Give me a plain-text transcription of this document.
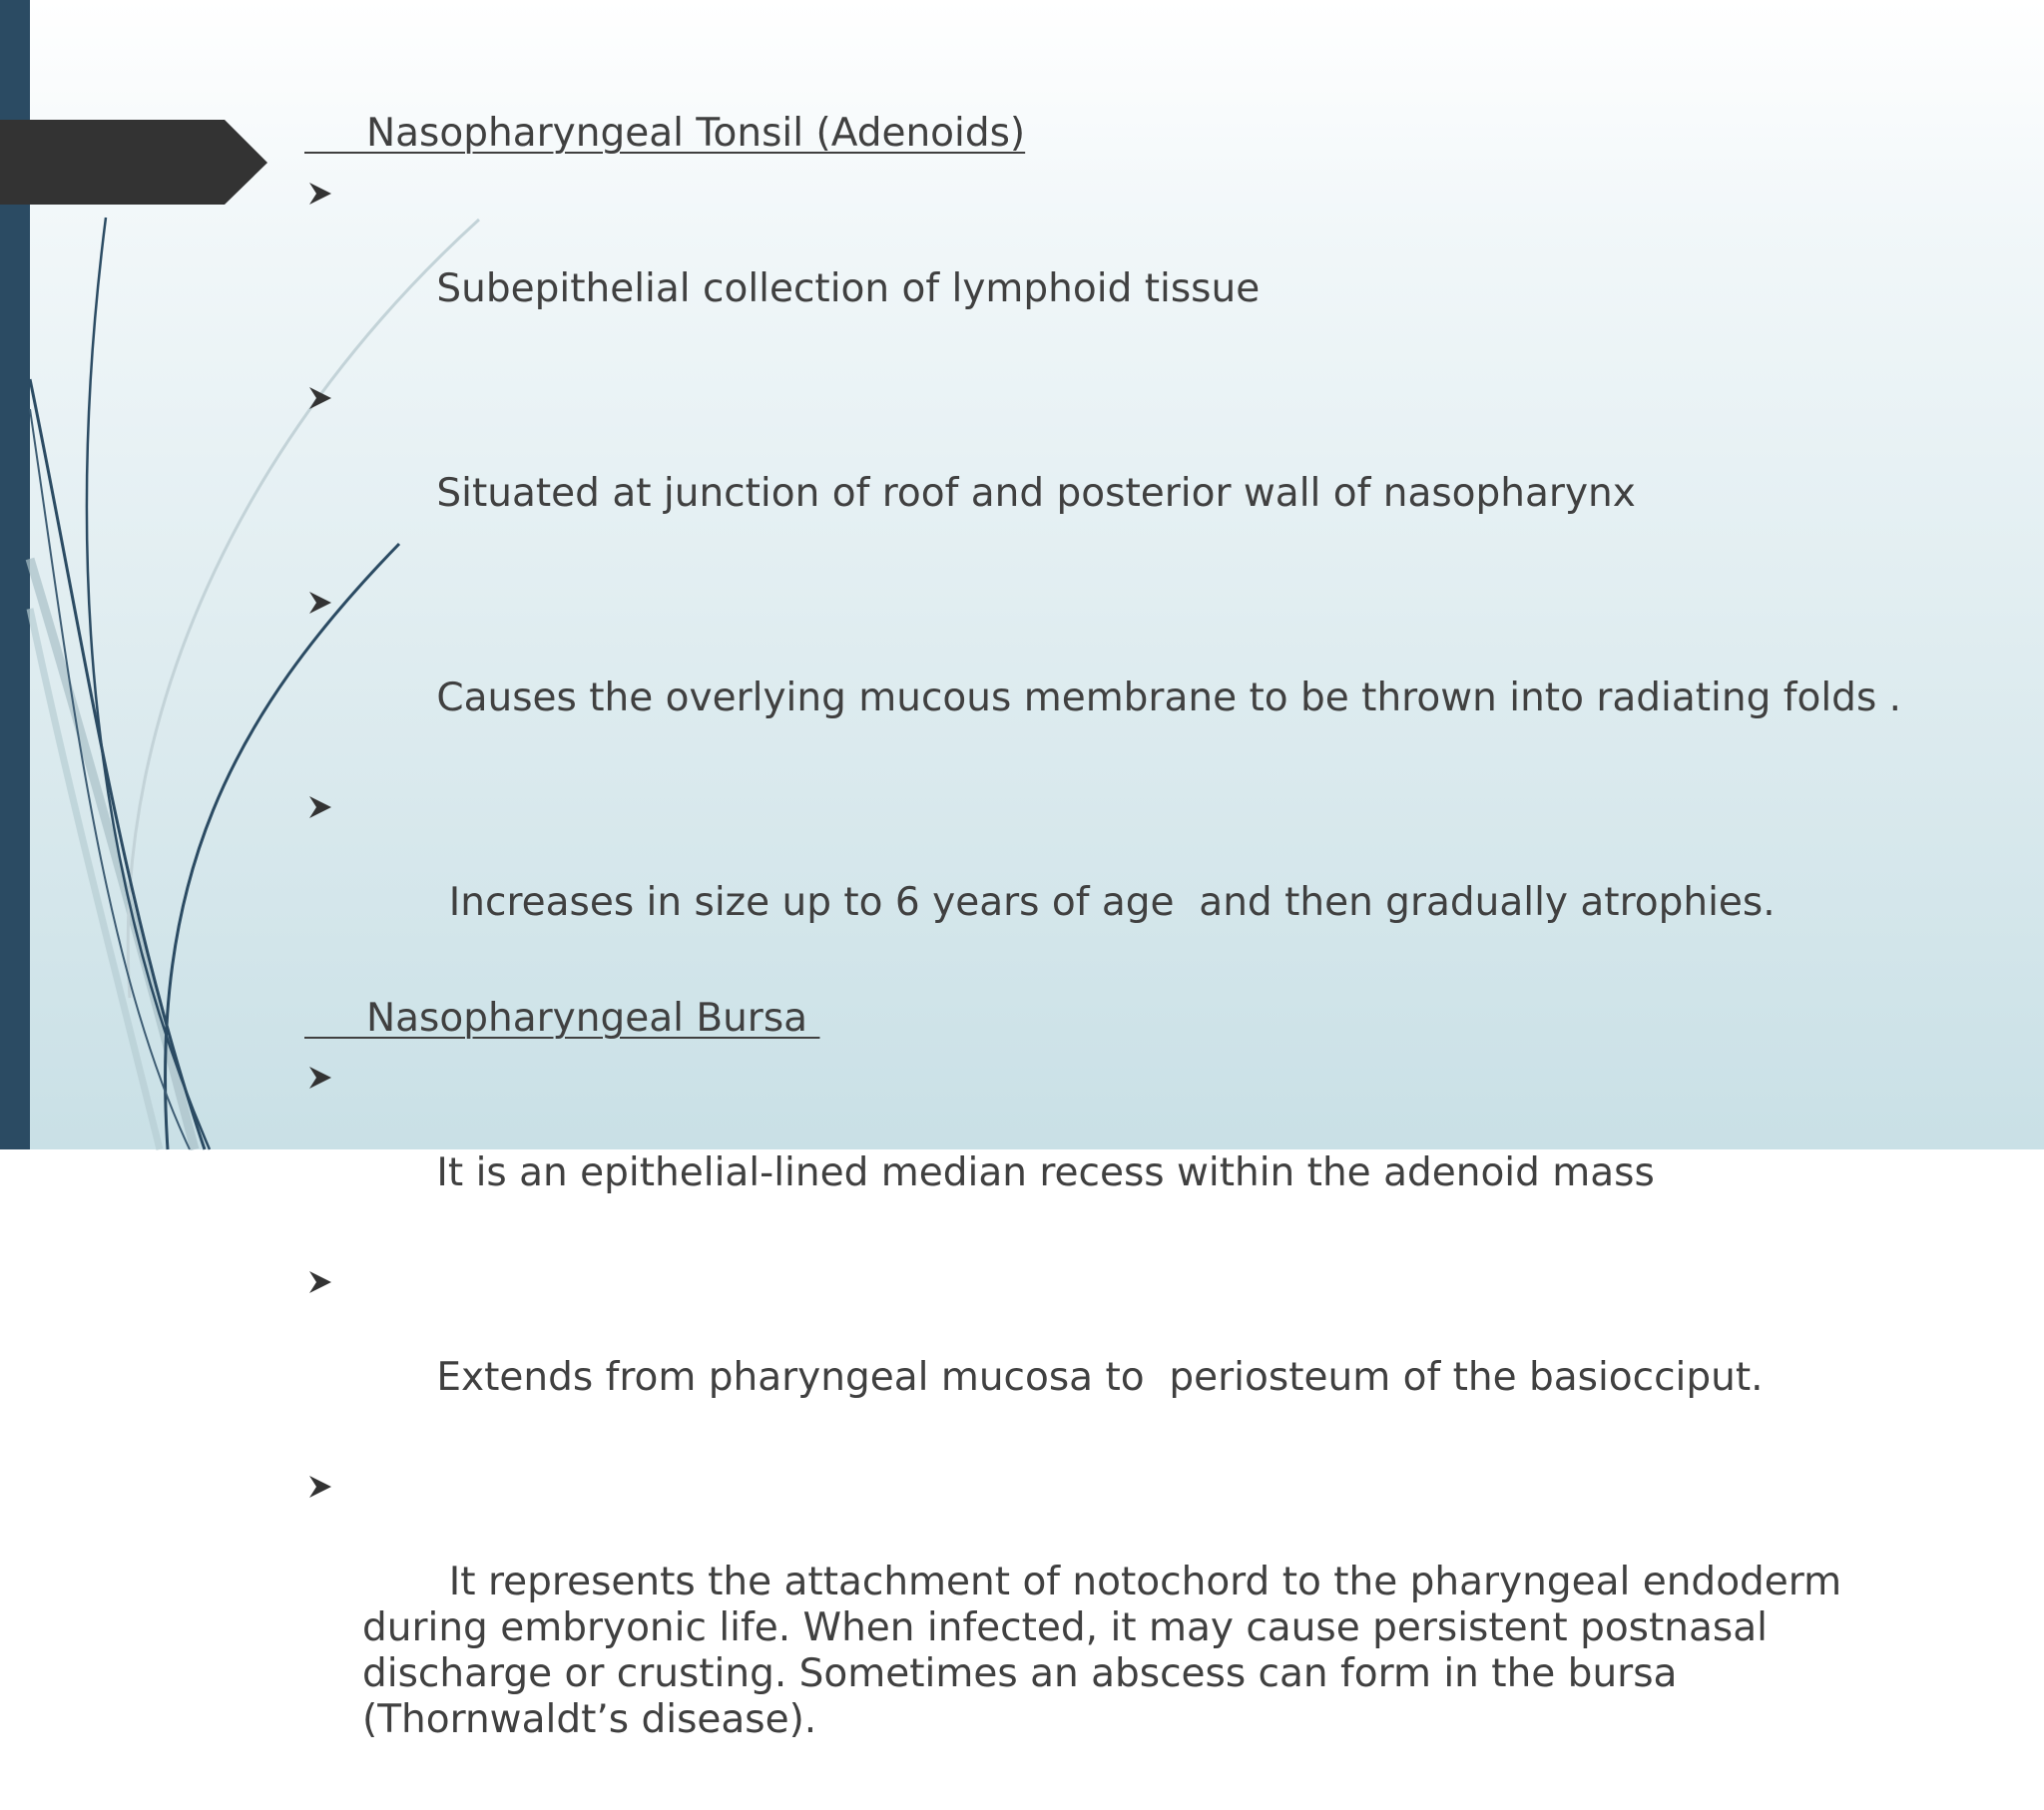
Nasopharyngeal Tonsil (Adenoids)

Subepithelial collection of lymphoid tissue

Situated at junction of roof and posterior wall of nasopharynx

Causes the overlying mucous membrane to be thrown into radiating folds .

Increases in size up to 6 years of age  and then gradually atrophies.

Nasopharyngeal Bursa

It is an epithelial-lined median recess within the adenoid mass

Extends from pharyngeal mucosa to  periosteum of the basiocciput.

It represents the attachment of notochord to the pharyngeal endoderm during embryonic life. When infected, it may cause persistent postnasal discharge or crusting. Sometimes an abscess can form in the bursa (Thornwaldt’s disease).
